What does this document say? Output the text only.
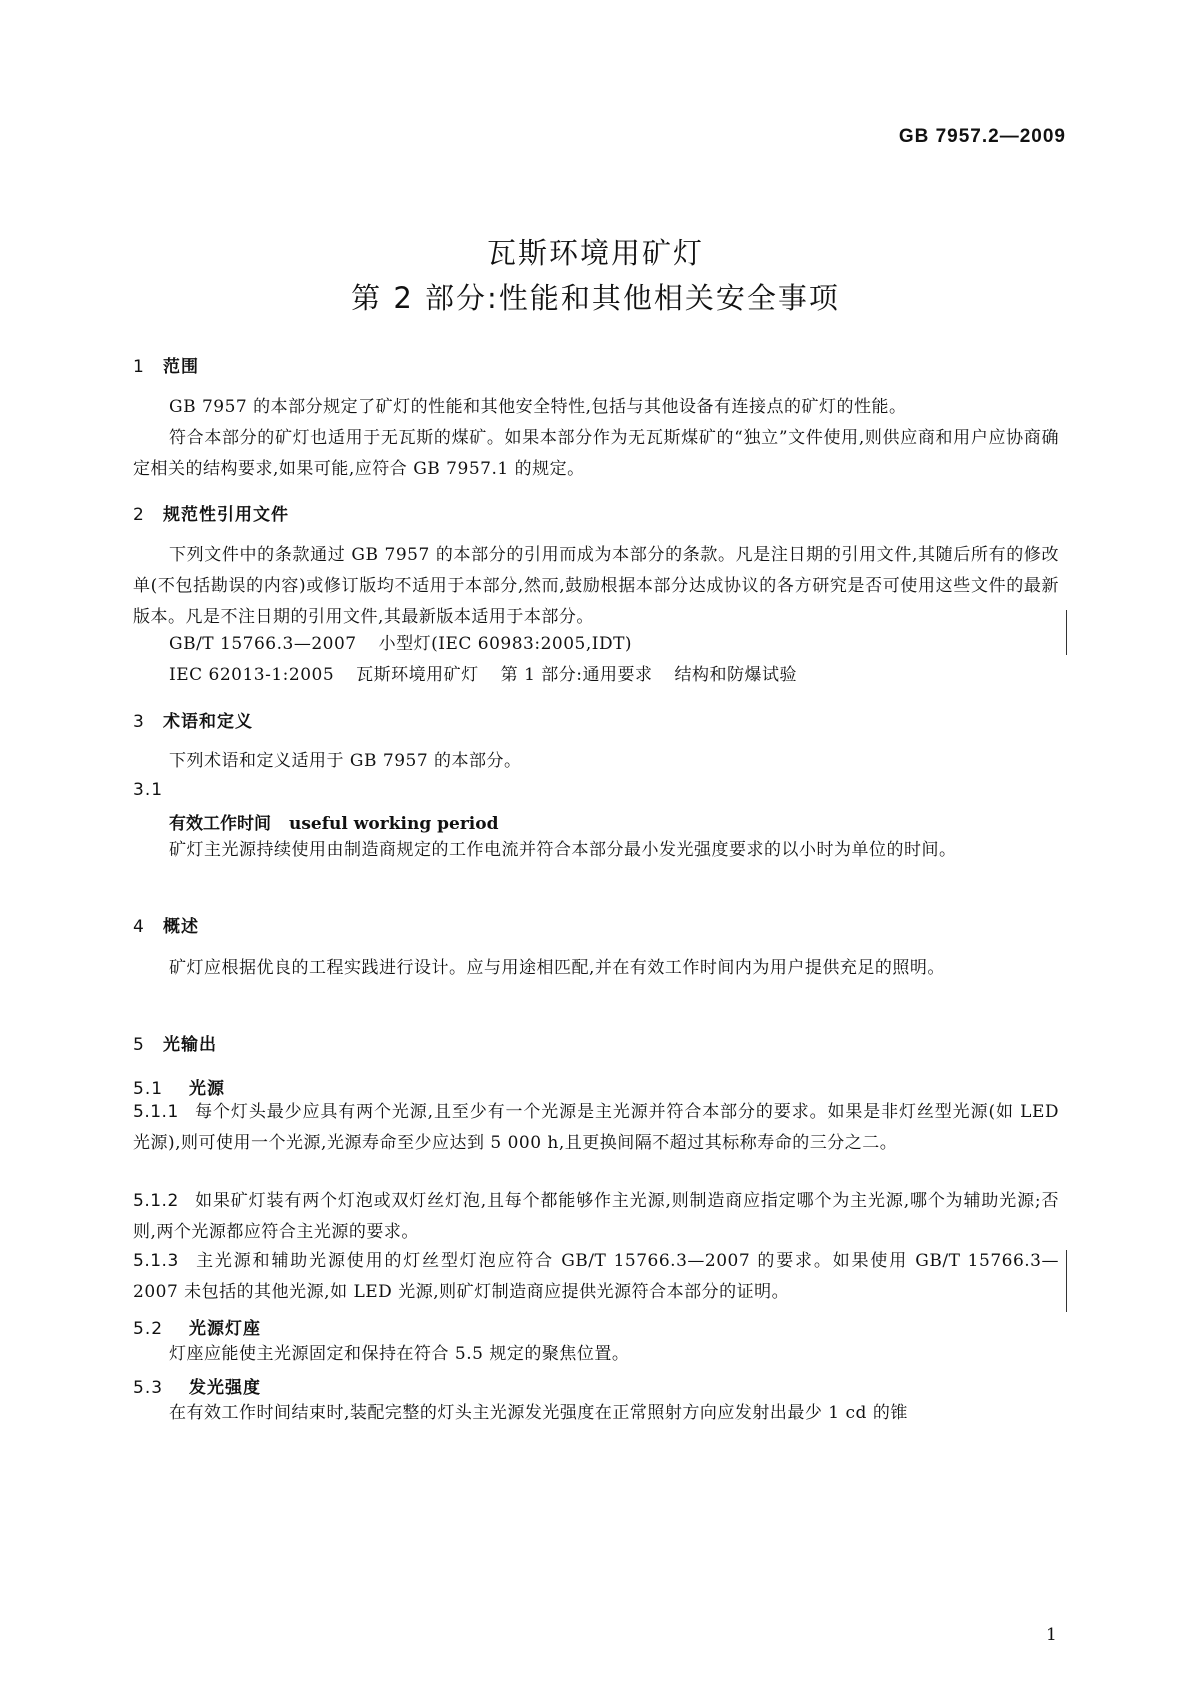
GB 7957.2—2009
瓦斯环境用矿灯
第 2 部分:性能和其他相关安全事项
1 范围
GB 7957 的本部分规定了矿灯的性能和其他安全特性,包括与其他设备有连接点的矿灯的性能。
符合本部分的矿灯也适用于无瓦斯的煤矿。如果本部分作为无瓦斯煤矿的“独立”文件使用,则供应商和用户应协商确定相关的结构要求,如果可能,应符合 GB 7957.1 的规定。
2 规范性引用文件
下列文件中的条款通过 GB 7957 的本部分的引用而成为本部分的条款。凡是注日期的引用文件,其随后所有的修改单(不包括勘误的内容)或修订版均不适用于本部分,然而,鼓励根据本部分达成协议的各方研究是否可使用这些文件的最新版本。凡是不注日期的引用文件,其最新版本适用于本部分。
GB/T 15766.3—2007 小型灯(IEC 60983:2005,IDT)
IEC 62013-1:2005 瓦斯环境用矿灯 第 1 部分:通用要求 结构和防爆试验
3 术语和定义
下列术语和定义适用于 GB 7957 的本部分。
3.1
有效工作时间 useful working period
矿灯主光源持续使用由制造商规定的工作电流并符合本部分最小发光强度要求的以小时为单位的时间。
4 概述
矿灯应根据优良的工程实践进行设计。应与用途相匹配,并在有效工作时间内为用户提供充足的照明。
5 光输出
5.1 光源
5.1.1 每个灯头最少应具有两个光源,且至少有一个光源是主光源并符合本部分的要求。如果是非灯丝型光源(如 LED 光源),则可使用一个光源,光源寿命至少应达到 5 000 h,且更换间隔不超过其标称寿命的三分之二。
5.1.2 如果矿灯装有两个灯泡或双灯丝灯泡,且每个都能够作主光源,则制造商应指定哪个为主光源,哪个为辅助光源;否则,两个光源都应符合主光源的要求。
5.1.3 主光源和辅助光源使用的灯丝型灯泡应符合 GB/T 15766.3—2007 的要求。如果使用 GB/T 15766.3—2007 未包括的其他光源,如 LED 光源,则矿灯制造商应提供光源符合本部分的证明。
5.2 光源灯座
灯座应能使主光源固定和保持在符合 5.5 规定的聚焦位置。
5.3 发光强度
在有效工作时间结束时,装配完整的灯头主光源发光强度在正常照射方向应发射出最少 1 cd 的锥
1
